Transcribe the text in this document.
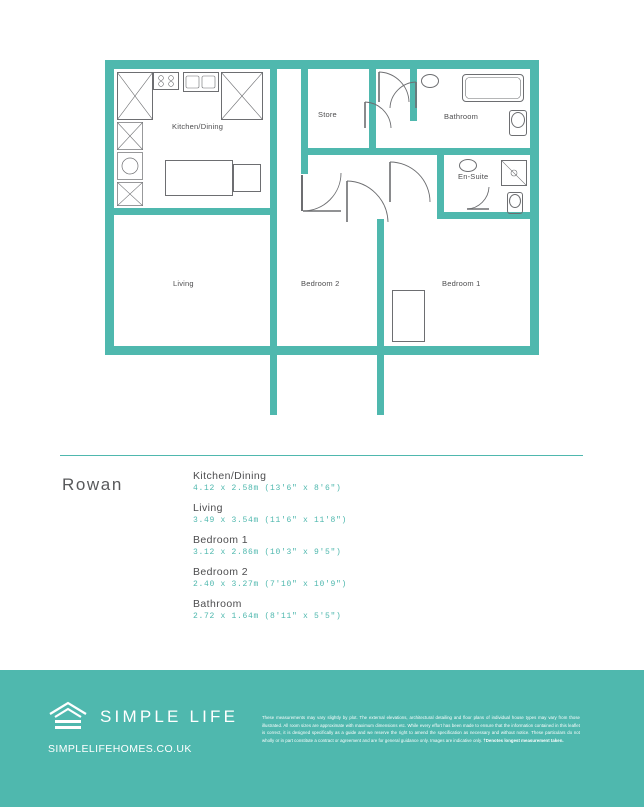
Kitchen/Dining
Store	Bathroom
En-Suite
Living	Bedroom 2	Bedroom 1
Rowan	Kitchen/Dining
4.12 x 2.58m (13'6" x 8'6")
Living
3.49 x 3.54m (11'6" x 11'8")
Bedroom 1
3.12 x 2.86m (10'3" x 9'5")
Bedroom 2
2.40 x 3.27m (7'10" x 10'9")
Bathroom
2.72 x 1.64m (8'11" x 5'5")
SIMPLE LIFE
SIMPLELIFEHOMES.CO.UK
These measurements may vary slightly by plot. The external elevations, architectural detailing and floor plans of individual house types may vary from those illustrated. All room sizes are approximate with maximum dimensions etc. While every effort has been made to ensure that the information contained in this leaflet is correct, it is designed specifically as a guide and we reserve the right to amend the specification as necessary and without notice. These particulars do not wholly or in part constitute a contract or agreement and are for general guidance only. Images are indicative only. †Denotes longest measurement taken.
